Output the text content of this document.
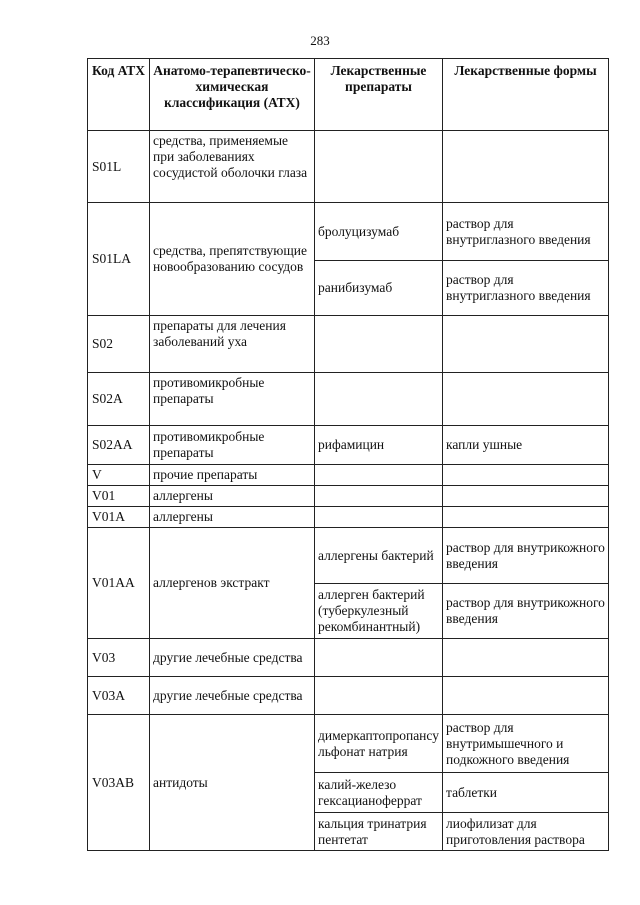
283
Код АТХ	Анатомо-терапевтическо-химическая классификация (АТХ)	Лекарственные препараты	Лекарственные формы
S01L	средства, применяемые при заболеваниях сосудистой оболочки глаза		
S01LA	средства, препятствующие новообразованию сосудов	бролуцизумаб	раствор для внутриглазного введения
		ранибизумаб	раствор для внутриглазного введения
S02	препараты для лечения заболеваний уха		
S02A	противомикробные препараты		
S02AA	противомикробные препараты	рифамицин	капли ушные
V	прочие препараты		
V01	аллергены		
V01A	аллергены		
V01AA	аллергенов экстракт	аллергены бактерий	раствор для внутрикожного введения
		аллерген бактерий (туберкулезный рекомбинантный)	раствор для внутрикожного введения
V03	другие лечебные средства		
V03A	другие лечебные средства		
V03AB	антидоты	димеркаптопропансульфонат натрия	раствор для внутримышечного и подкожного введения
		калий-железо гексацианоферрат	таблетки
		кальция тринатрия пентетат	лиофилизат для приготовления раствора
